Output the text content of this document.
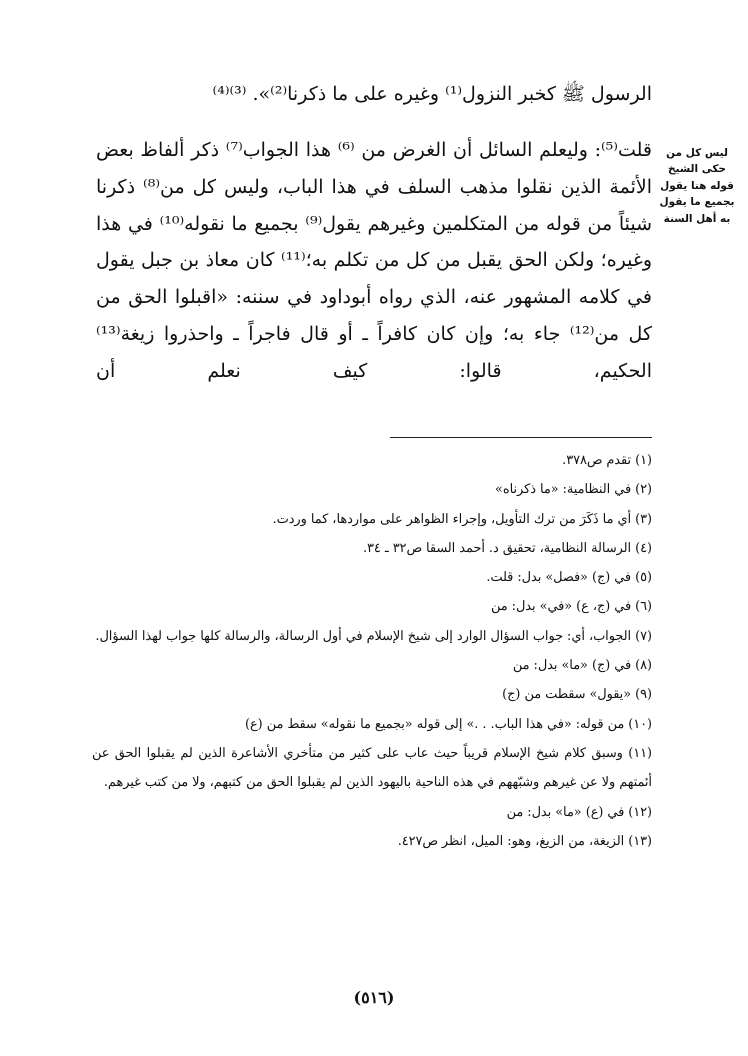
الرسول ﷺ كخبر النزول⁽¹⁾ وغيره على ما ذكرنا⁽²⁾». ⁽³⁾⁽⁴⁾

قلت⁽⁵⁾: وليعلم السائل أن الغرض من ⁽⁶⁾ هذا الجواب⁽⁷⁾ ذكر ألفاظ بعض الأئمة الذين نقلوا مذهب السلف في هذا الباب، وليس كل من⁽⁸⁾ ذكرنا شيئاً من قوله من المتكلمين وغيرهم يقول⁽⁹⁾ بجميع ما نقوله⁽¹⁰⁾ في هذا وغيره؛ ولكن الحق يقبل من كل من تكلم به؛⁽¹¹⁾ كان معاذ بن جبل يقول في كلامه المشهور عنه، الذي رواه أبوداود في سننه: «اقبلوا الحق من كل من⁽¹²⁾ جاء به؛ وإن كان كافراً ـ أو قال فاجراً ـ واحذروا زيغة⁽¹³⁾ الحكيم، قالوا: كيف نعلم أن

ليس كل من حكى الشيخ قوله هنا يقول بجميع ما يقول به أهل السنة

(١) تقدم ص٣٧٨.
(٢) في النظامية: «ما ذكرناه»
(٣) أي ما ذَكَرَ من ترك التأويل، وإجراء الظواهر على مواردها، كما وردت.
(٤) الرسالة النظامية، تحقيق د. أحمد السقا ص٣٢ ـ ٣٤.
(٥) في (ج) «فصل» بدل: قلت.
(٦) في (ج، ع) «في» بدل: من
(٧) الجواب، أي: جواب السؤال الوارد إلى شيخ الإسلام في أول الرسالة، والرسالة كلها جواب لهذا السؤال.
(٨) في (ج) «ما» بدل: من
(٩) «يقول» سقطت من (ج)
(١٠) من قوله: «في هذا الباب. . .» إلى قوله «بجميع ما نقوله» سقط من (ع)
(١١) وسبق كلام شيخ الإسلام قريباً حيث عاب على كثير من متأخري الأشاعرة الذين لم يقبلوا الحق عن أئمتهم ولا عن غيرهم وشبّههم في هذه الناحية باليهود الذين لم يقبلوا الحق من كتبهم، ولا من كتب غيرهم.
(١٢) في (ع) «ما» بدل: من
(١٣) الزيغة، من الزيغ، وهو: الميل، انظر ص٤٢٧.
(٥١٦)
